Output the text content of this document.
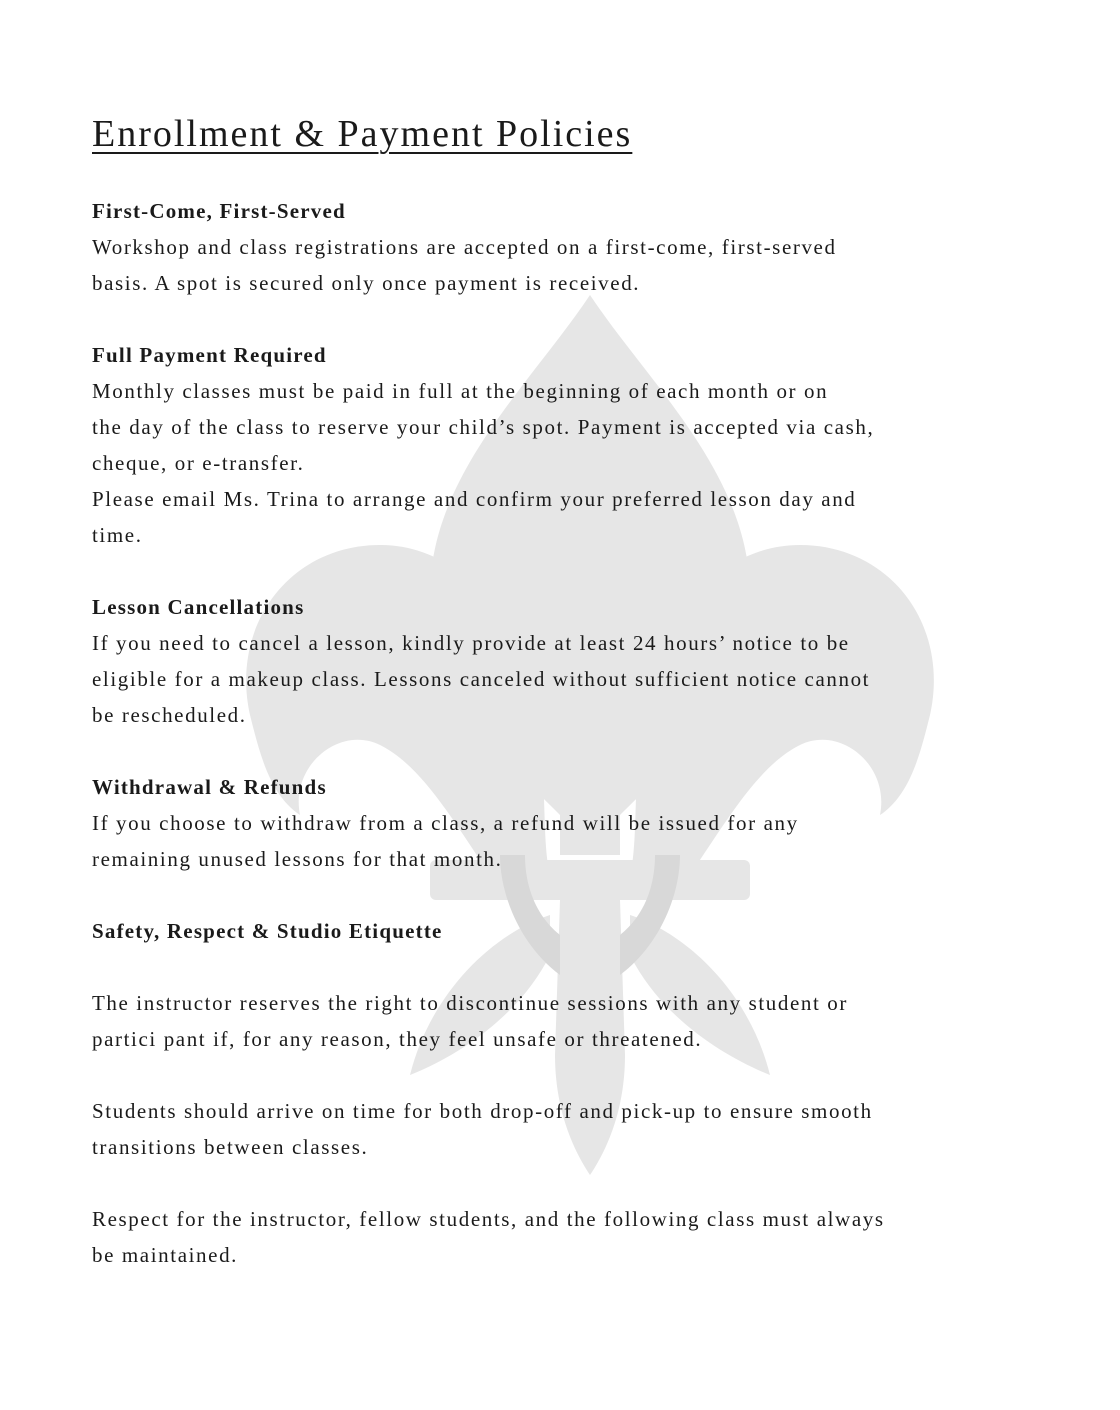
Enrollment & Payment Policies
First-Come, First-Served
Workshop and class registrations are accepted on a first-come, first-served
basis. A spot is secured only once payment is received.
Full Payment Required
Monthly classes must be paid in full at the beginning of each month or on
the day of the class to reserve your child’s spot. Payment is accepted via cash,
cheque, or e-transfer.
Please email Ms. Trina to arrange and confirm your preferred lesson day and
time.
Lesson Cancellations
If you need to cancel a lesson, kindly provide at least 24 hours’ notice to be
eligible for a makeup class. Lessons canceled without sufficient notice cannot
be rescheduled.
Withdrawal & Refunds
If you choose to withdraw from a class, a refund will be issued for any
remaining unused lessons for that month.
Safety, Respect & Studio Etiquette
The instructor reserves the right to discontinue sessions with any student or
partici pant if, for any reason, they feel unsafe or threatened.
Students should arrive on time for both drop-off and pick-up to ensure smooth
transitions between classes.
Respect for the instructor, fellow students, and the following class must always
be maintained.
